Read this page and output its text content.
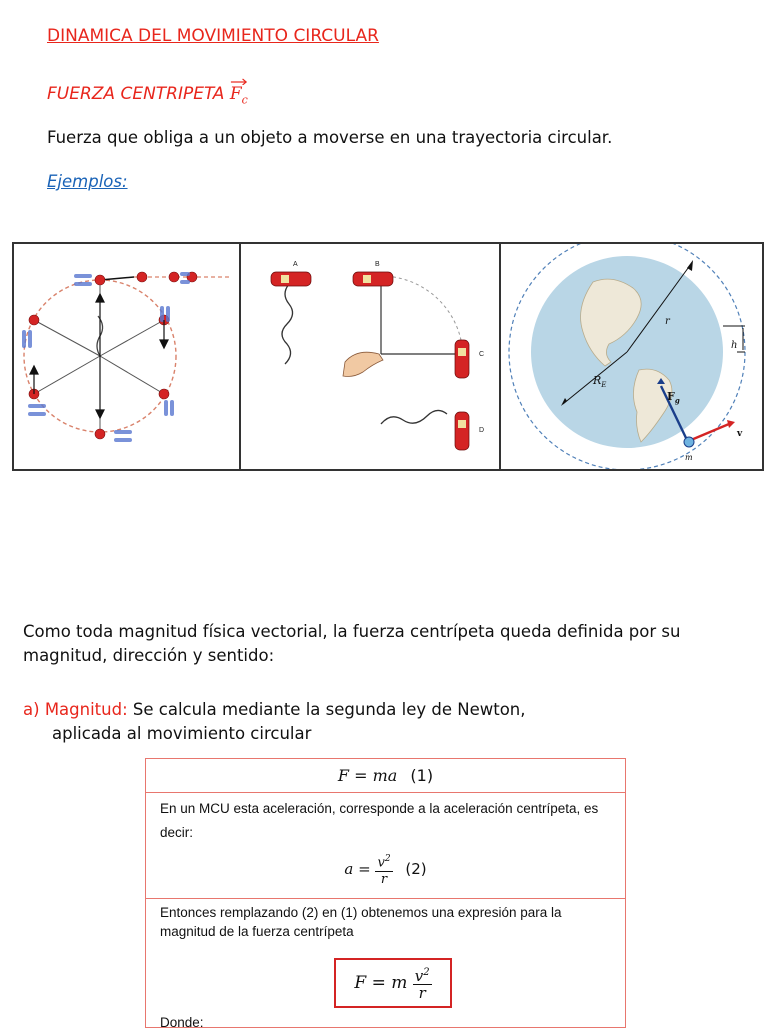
DINAMICA DEL MOVIMIENTO CIRCULAR
FUERZA CENTRIPETA $F_c$
Fuerza que obliga a un objeto a moverse en una trayectoria circular.
Ejemplos:
A	B
C
D
r
h
$R_E$
$F_g$
v
m
Como toda magnitud física vectorial, la fuerza centrípeta queda definida por su magnitud, dirección y sentido:
a) Magnitud: Se calcula mediante la segunda ley de Newton,
aplicada al movimiento circular
F = ma (1)
En un MCU esta aceleración, corresponde a la aceleración centrípeta, es decir:
$a = \frac{v^2}{r} (2)$
Entonces remplazando (2) en (1) obtenemos una expresión para la magnitud de la fuerza centrípeta
F = m $\frac{v^2}{r}$
Donde:
